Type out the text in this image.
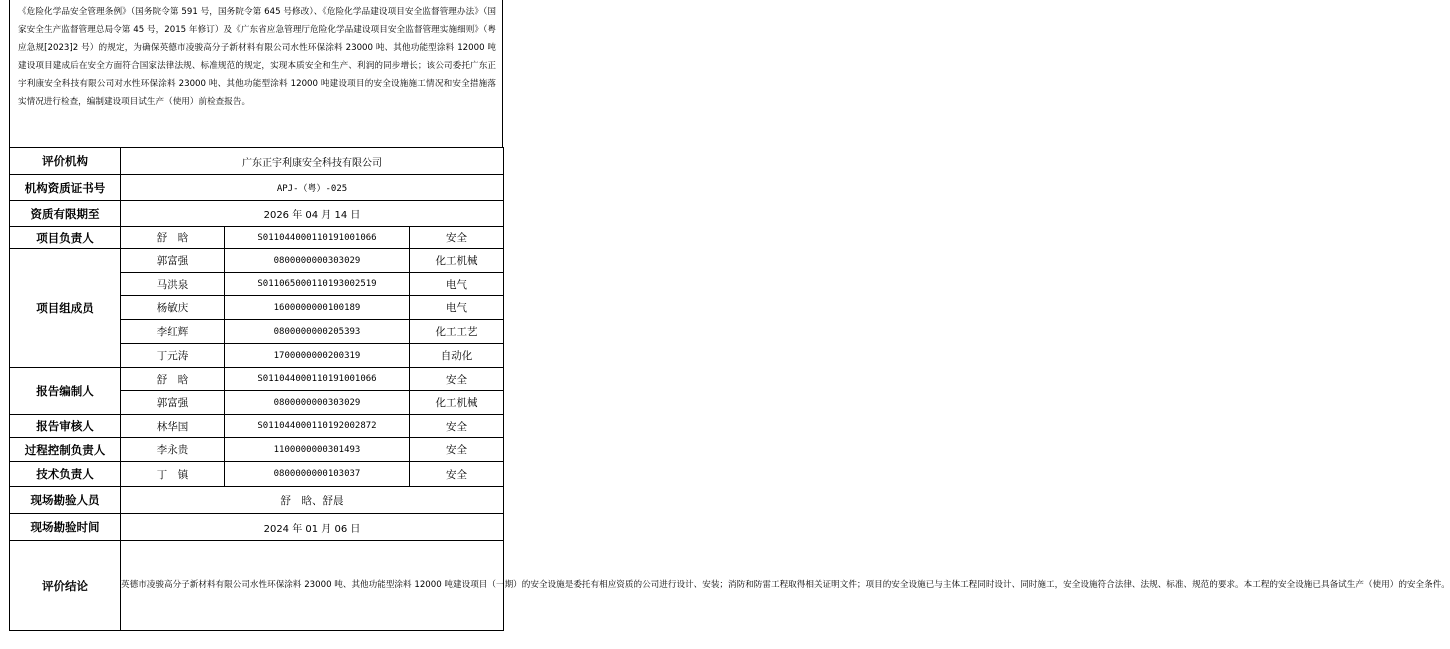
《危险化学品安全管理条例》（国务院令第 591 号，国务院令第 645 号修改）、《危险化学品建设项目安全监督管理办法》（国家安全生产监督管理总局令第 45 号，2015 年修订）及《广东省应急管理厅危险化学品建设项目安全监督管理实施细则》（粤应急规[2023]2 号）的规定，为确保英德市凌骏高分子新材料有限公司水性环保涂料 23000 吨、其他功能型涂料 12000 吨建设项目建成后在安全方面符合国家法律法规、标准规范的规定，实现本质安全和生产、利润的同步增长；该公司委托广东正宇利康安全科技有限公司对水性环保涂料 23000 吨、其他功能型涂料 12000 吨建设项目的安全设施施工情况和安全措施落实情况进行检查，编制建设项目试生产（使用）前检查报告。

评价机构	广东正宇利康安全科技有限公司		
机构资质证书号	APJ-（粤）-025		
资质有限期至	2026 年 04 月 14 日		
项目负责人	舒　晗	S011044000110191001066	安全
项目组成员	郭富强	0800000000303029	化工机械
	马洪泉	S011065000110193002519	电气
	杨敏庆	1600000000100189	电气
	李红辉	0800000000205393	化工工艺
	丁元涛	1700000000200319	自动化
报告编制人	舒　晗	S011044000110191001066	安全
	郭富强	0800000000303029	化工机械
报告审核人	林华国	S011044000110192002872	安全
过程控制负责人	李永贵	1100000000301493	安全
技术负责人	丁　镇	0800000000103037	安全
现场勘验人员	舒　晗、舒晨		
现场勘验时间	2024 年 01 月 06 日		
评价结论	英德市凌骏高分子新材料有限公司水性环保涂料 23000 吨、其他功能型涂料 12000 吨建设项目（一期）的安全设施是委托有相应资质的公司进行设计、安装；消防和防雷工程取得相关证明文件；项目的安全设施已与主体工程同时设计、同时施工，安全设施符合法律、法规、标准、规范的要求。本工程的安全设施已具备试生产（使用）的安全条件。		
